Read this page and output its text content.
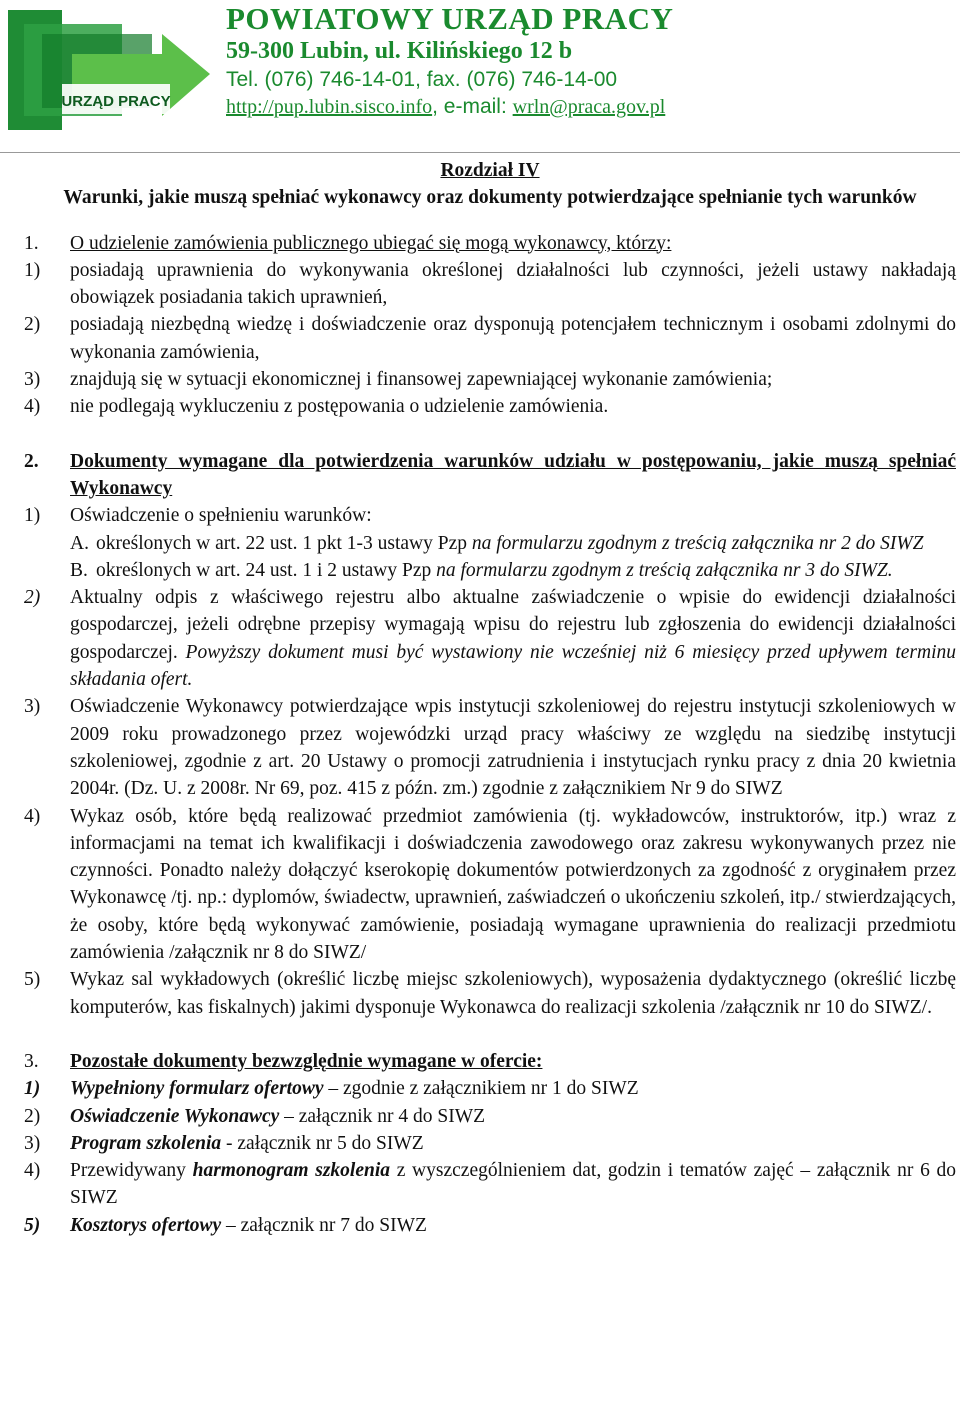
URZĄD PRACY
POWIATOWY URZĄD PRACY
59-300 Lubin, ul. Kilińskiego 12 b
Tel. (076) 746-14-01, fax. (076) 746-14-00
http://pup.lubin.sisco.info, e-mail: wrln@praca.gov.pl
Rozdział IV
Warunki, jakie muszą spełniać wykonawcy oraz dokumenty potwierdzające spełnianie tych warunków
1.	O udzielenie zamówienia publicznego ubiegać się mogą wykonawcy, którzy:
1)	posiadają uprawnienia do wykonywania określonej działalności lub czynności, jeżeli ustawy nakładają obowiązek posiadania takich uprawnień,
2)	posiadają niezbędną wiedzę i doświadczenie oraz dysponują potencjałem technicznym i osobami zdolnymi do wykonania zamówienia,
3)	znajdują się w sytuacji ekonomicznej i finansowej zapewniającej wykonanie zamówienia;
4)	nie podlegają wykluczeniu z postępowania o udzielenie zamówienia.
2.	Dokumenty wymagane dla potwierdzenia warunków udziału w postępowaniu, jakie muszą spełniać Wykonawcy
1)	Oświadczenie o spełnieniu warunków:
A. określonych w art. 22 ust. 1 pkt 1-3 ustawy Pzp na formularzu zgodnym z treścią załącznika nr 2 do SIWZ
B. określonych w art. 24 ust. 1 i 2 ustawy Pzp na formularzu zgodnym z treścią załącznika nr 3 do SIWZ.
2)	Aktualny odpis z właściwego rejestru albo aktualne zaświadczenie o wpisie do ewidencji działalności gospodarczej, jeżeli odrębne przepisy wymagają wpisu do rejestru lub zgłoszenia do ewidencji działalności gospodarczej. Powyższy dokument musi być wystawiony nie wcześniej niż 6 miesięcy przed upływem terminu składania ofert.
3)	Oświadczenie Wykonawcy potwierdzające wpis instytucji szkoleniowej do rejestru instytucji szkoleniowych w 2009 roku prowadzonego przez wojewódzki urząd pracy właściwy ze względu na siedzibę instytucji szkoleniowej, zgodnie z art. 20 Ustawy o promocji zatrudnienia i instytucjach rynku pracy z dnia 20 kwietnia 2004r. (Dz. U. z 2008r. Nr 69, poz. 415 z późn. zm.) zgodnie z załącznikiem Nr 9 do SIWZ
4)	Wykaz osób, które będą realizować przedmiot zamówienia (tj. wykładowców, instruktorów, itp.) wraz z informacjami na temat ich kwalifikacji i doświadczenia zawodowego oraz zakresu wykonywanych przez nie czynności. Ponadto należy dołączyć kserokopię dokumentów potwierdzonych za zgodność z oryginałem przez Wykonawcę /tj. np.: dyplomów, świadectw, uprawnień, zaświadczeń o ukończeniu szkoleń, itp./ stwierdzających, że osoby, które będą wykonywać zamówienie, posiadają wymagane uprawnienia do realizacji przedmiotu zamówienia /załącznik nr 8 do SIWZ/
5)	Wykaz sal wykładowych (określić liczbę miejsc szkoleniowych), wyposażenia dydaktycznego (określić liczbę komputerów, kas fiskalnych) jakimi dysponuje Wykonawca do realizacji szkolenia /załącznik nr 10 do SIWZ/.
3.	Pozostałe dokumenty bezwzględnie wymagane w ofercie:
1)	Wypełniony formularz ofertowy – zgodnie z załącznikiem nr 1 do SIWZ
2)	Oświadczenie Wykonawcy – załącznik nr 4 do SIWZ
3)	Program szkolenia - załącznik nr 5 do SIWZ
4)	Przewidywany harmonogram szkolenia z wyszczególnieniem dat, godzin i tematów zajęć – załącznik nr 6 do SIWZ
5)	Kosztorys ofertowy – załącznik nr 7 do SIWZ
